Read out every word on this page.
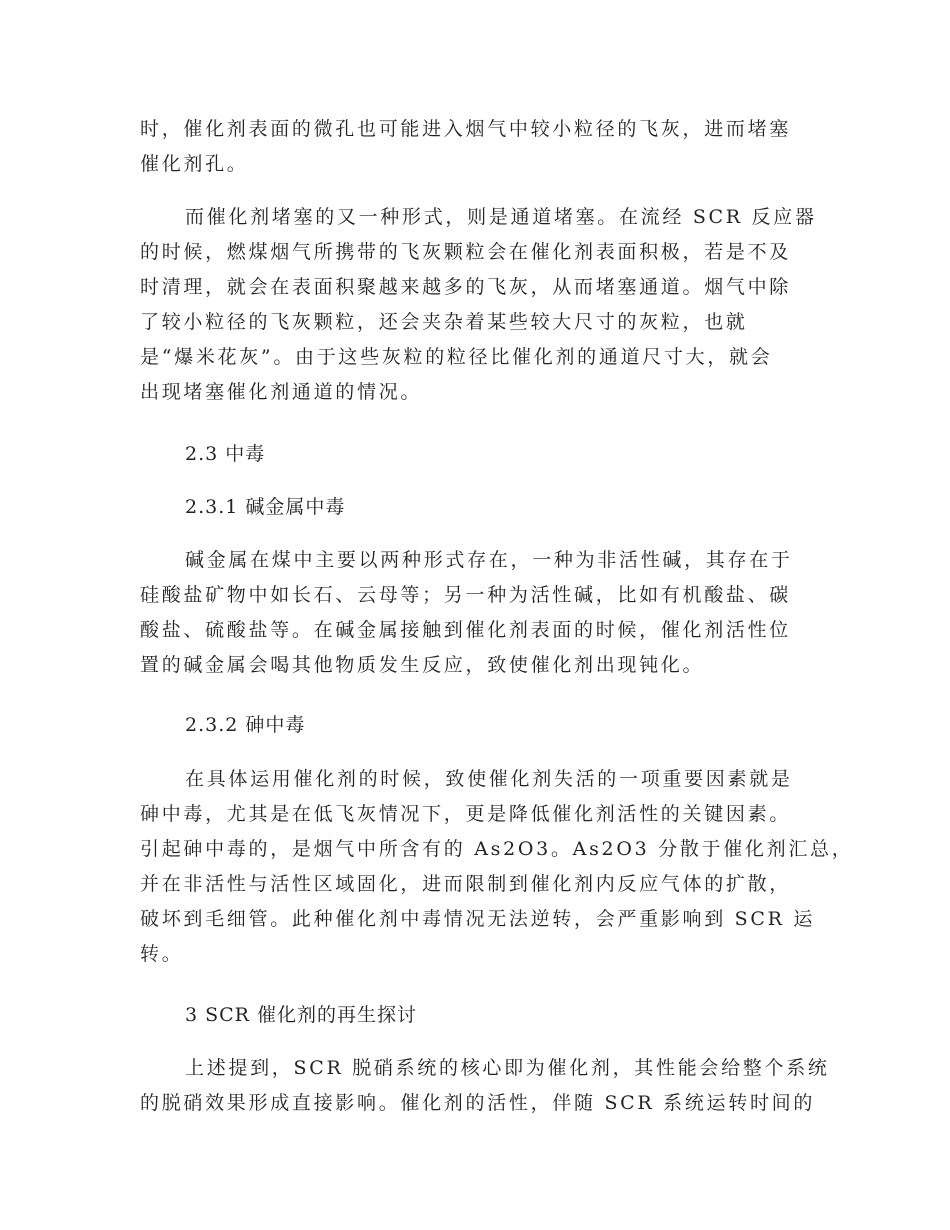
时，催化剂表面的微孔也可能进入烟气中较小粒径的飞灰，进而堵塞
催化剂孔。
而催化剂堵塞的又一种形式，则是通道堵塞。在流经 SCR 反应器
的时候，燃煤烟气所携带的飞灰颗粒会在催化剂表面积极，若是不及
时清理，就会在表面积聚越来越多的飞灰，从而堵塞通道。烟气中除
了较小粒径的飞灰颗粒，还会夹杂着某些较大尺寸的灰粒，也就
是“爆米花灰”。由于这些灰粒的粒径比催化剂的通道尺寸大，就会
出现堵塞催化剂通道的情况。
2.3 中毒
2.3.1 碱金属中毒
碱金属在煤中主要以两种形式存在，一种为非活性碱，其存在于
硅酸盐矿物中如长石、云母等；另一种为活性碱，比如有机酸盐、碳
酸盐、硫酸盐等。在碱金属接触到催化剂表面的时候，催化剂活性位
置的碱金属会喝其他物质发生反应，致使催化剂出现钝化。
2.3.2 砷中毒
在具体运用催化剂的时候，致使催化剂失活的一项重要因素就是
砷中毒，尤其是在低飞灰情况下，更是降低催化剂活性的关键因素。
引起砷中毒的，是烟气中所含有的 As2O3。As2O3 分散于催化剂汇总，
并在非活性与活性区域固化，进而限制到催化剂内反应气体的扩散，
破坏到毛细管。此种催化剂中毒情况无法逆转，会严重影响到 SCR 运
转。
3 SCR 催化剂的再生探讨
上述提到，SCR 脱硝系统的核心即为催化剂，其性能会给整个系统
的脱硝效果形成直接影响。催化剂的活性，伴随 SCR 系统运转时间的
